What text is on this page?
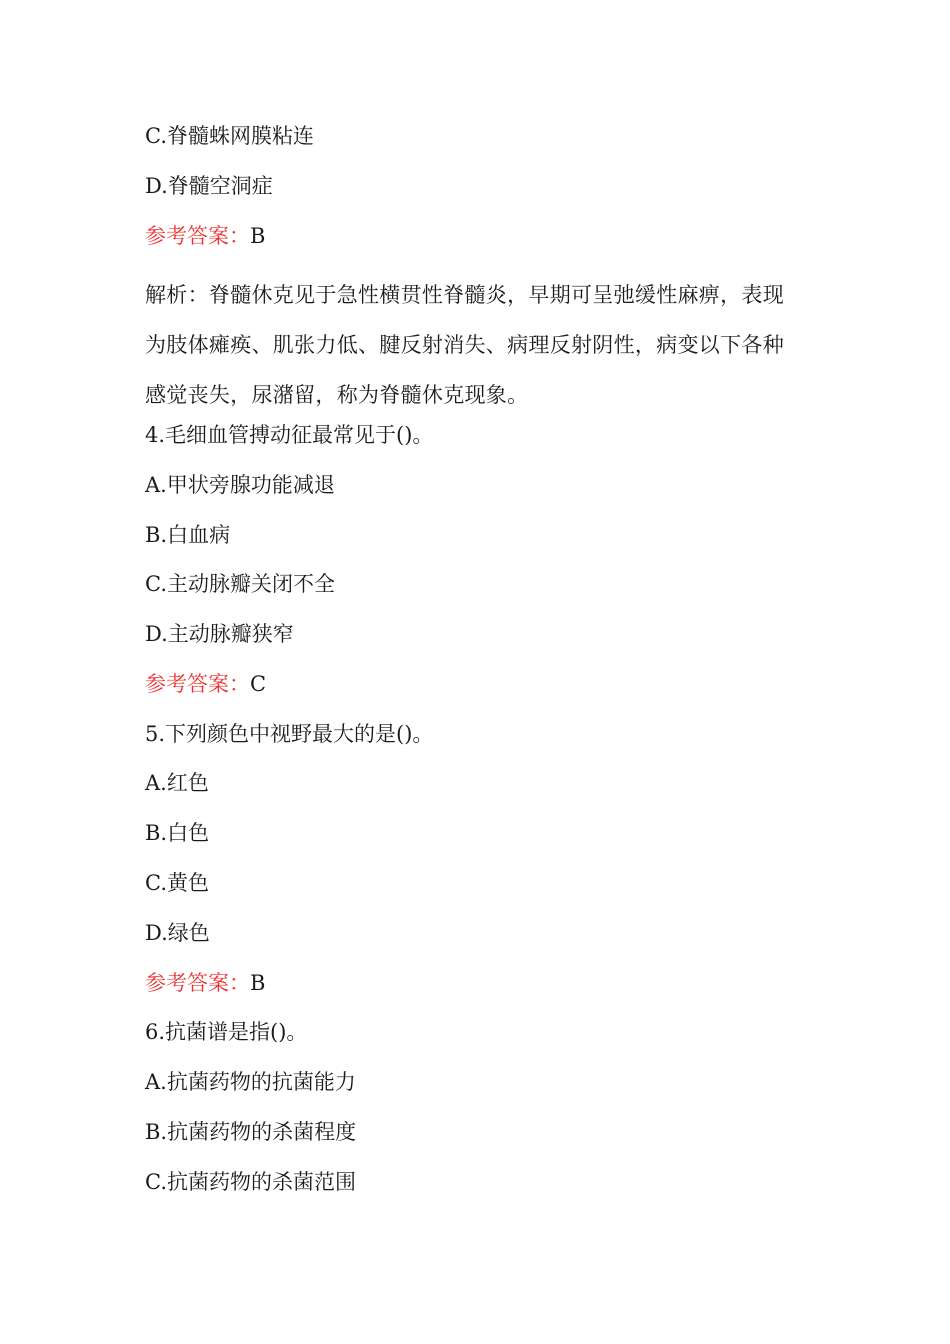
C.脊髓蛛网膜粘连
D.脊髓空洞症
参考答案：B
解析：脊髓休克见于急性横贯性脊髓炎，早期可呈弛缓性麻痹，表现
为肢体瘫痪、肌张力低、腱反射消失、病理反射阴性，病变以下各种
感觉丧失，尿潴留，称为脊髓休克现象。
4.毛细血管搏动征最常见于()。
A.甲状旁腺功能减退
B.白血病
C.主动脉瓣关闭不全
D.主动脉瓣狭窄
参考答案：C
5.下列颜色中视野最大的是()。
A.红色
B.白色
C.黄色
D.绿色
参考答案：B
6.抗菌谱是指()。
A.抗菌药物的抗菌能力
B.抗菌药物的杀菌程度
C.抗菌药物的杀菌范围
